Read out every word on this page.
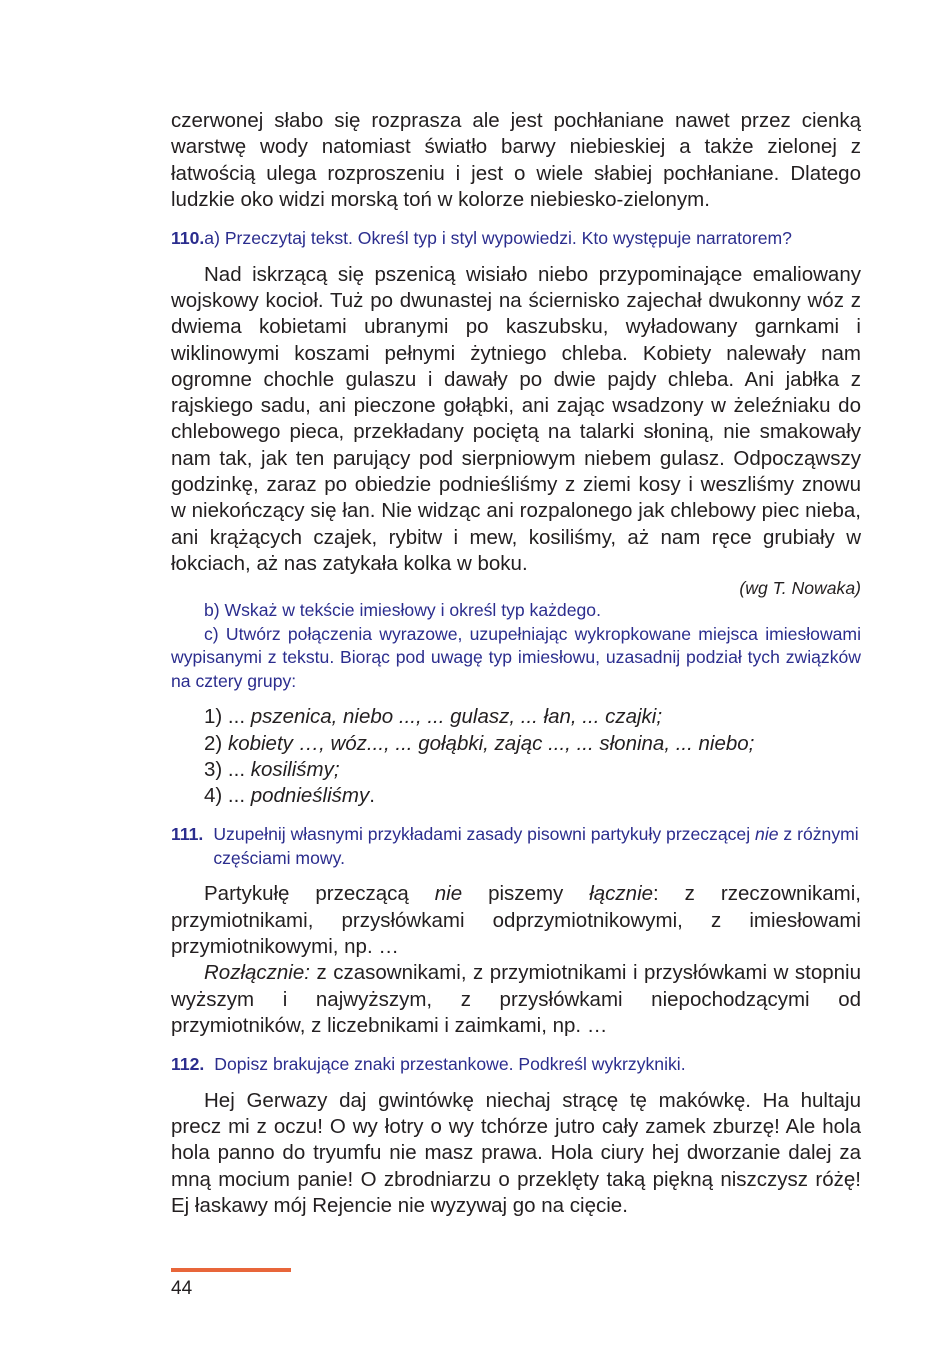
czerwonej słabo się rozprasza ale jest pochłaniane nawet przez cienką warstwę wody natomiast światło barwy niebieskiej a także zielonej z łatwością ulega rozproszeniu i jest o wiele słabiej pochłaniane. Dlatego ludzkie oko widzi morską toń w kolorze niebiesko-zielonym.

110. a) Przeczytaj tekst. Określ typ i styl wypowiedzi. Kto występuje narratorem?

Nad iskrzącą się pszenicą wisiało niebo przypominające emaliowany wojskowy kocioł. Tuż po dwunastej na ściernisko zajechał dwukonny wóz z dwiema kobietami ubranymi po kaszubsku, wyładowany garnkami i wiklinowymi koszami pełnymi żytniego chleba. Kobiety nalewały nam ogromne chochle gulaszu i dawały po dwie pajdy chleba. Ani jabłka z rajskiego sadu, ani pieczone gołąbki, ani zając wsadzony w żeleźniaku do chlebowego pieca, przekładany pociętą na talarki słoniną, nie smakowały nam tak, jak ten parujący pod sierpniowym niebem gulasz. Odpocząwszy godzinkę, zaraz po obiedzie podnieśliśmy z ziemi kosy i weszliśmy znowu w niekończący się łan. Nie widząc ani rozpalonego jak chlebowy piec nieba, ani krążących czajek, rybitw i mew, kosiliśmy, aż nam ręce grubiały w łokciach, aż nas zatykała kolka w boku.

(wg T. Nowaka)

b) Wskaż w tekście imiesłowy i określ typ każdego.

c) Utwórz połączenia wyrazowe, uzupełniając wykropkowane miejsca imiesłowami wypisanymi z tekstu. Biorąc pod uwagę typ imiesłowu, uzasadnij podział tych związków na cztery grupy:

1) ... pszenica, niebo ..., ... gulasz, ... łan, ... czajki;
2) kobiety …, wóz..., ... gołąbki, zając ..., ... słonina, ... niebo;
3) ... kosiliśmy;
4) ... podnieśliśmy.
111. Uzupełnij własnymi przykładami zasady pisowni partykuły przeczącej nie z różnymi częściami mowy.

Partykułę przeczącą nie piszemy łącznie: z rzeczownikami, przymiotnikami, przysłówkami odprzymiotnikowymi, z imiesłowami przymiotnikowymi, np. …

Rozłącznie: z czasownikami, z przymiotnikami i przysłówkami w stopniu wyższym i najwyższym, z przysłówkami niepochodzącymi od przymiotników, z liczebnikami i zaimkami, np. …

112. Dopisz brakujące znaki przestankowe. Podkreśl wykrzykniki.

Hej Gerwazy daj gwintówkę niechaj strącę tę makówkę. Ha hultaju precz mi z oczu! O wy łotry o wy tchórze jutro cały zamek zburzę! Ale hola hola panno do tryumfu nie masz prawa. Hola ciury hej dworzanie dalej za mną mocium panie! O zbrodniarzu o przeklęty taką piękną niszczysz różę! Ej łaskawy mój Rejencie nie wyzywaj go na cięcie.

44
